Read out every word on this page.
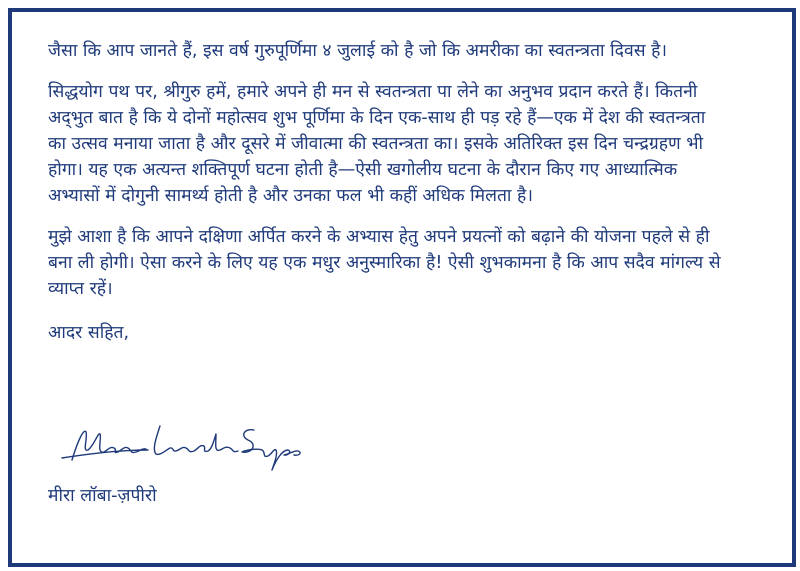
जैसा कि आप जानते हैं, इस वर्ष गुरुपूर्णिमा ४ जुलाई को है जो कि अमरीका का स्वतन्त्रता दिवस है।

सिद्धयोग पथ पर, श्रीगुरु हमें, हमारे अपने ही मन से स्वतन्त्रता पा लेने का अनुभव प्रदान करते हैं। कितनी अद्‌भुत बात है कि ये दोनों महोत्सव शुभ पूर्णिमा के दिन एक-साथ ही पड़ रहे हैं—एक में देश की स्वतन्त्रता का उत्सव मनाया जाता है और दूसरे में जीवात्मा की स्वतन्त्रता का। इसके अतिरिक्त इस दिन चन्द्रग्रहण भी होगा। यह एक अत्यन्त शक्तिपूर्ण घटना होती है—ऐसी खगोलीय घटना के दौरान किए गए आध्यात्मिक अभ्यासों में दोगुनी सामर्थ्य होती है और उनका फल भी कहीं अधिक मिलता है।

मुझे आशा है कि आपने दक्षिणा अर्पित करने के अभ्यास हेतु अपने प्रयत्नों को बढ़ाने की योजना पहले से ही बना ली होगी। ऐसा करने के लिए यह एक मधुर अनुस्मारिका है! ऐसी शुभकामना है कि आप सदैव मांगल्य से व्याप्त रहें।

आदर सहित,
मीरा लॉबा-ज़पीरो
